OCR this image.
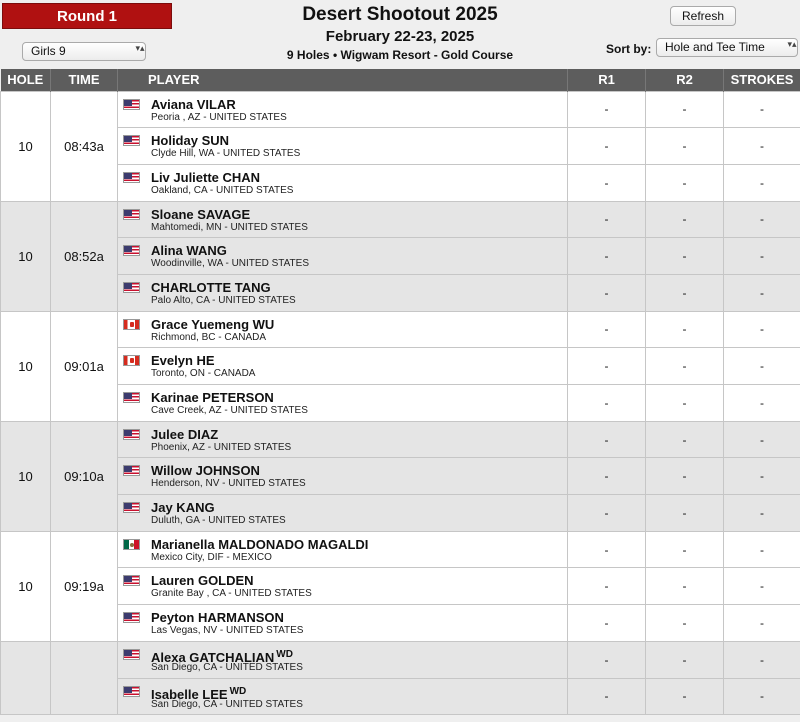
Round 1	Desert Shootout 2025
February 22-23, 2025
9 Holes • Wigwam Resort - Gold Course
Refresh
Girls 9	Sort by:	Hole and Tee Time
HOLE	TIME	PLAYER	R1	R2	STROKES
10	08:43a	Aviana VILAR
Peoria , AZ - UNITED STATES	-	-	-

		Holiday SUN
Clyde Hill, WA - UNITED STATES	-	-	-

		Liv Juliette CHAN
Oakland, CA - UNITED STATES	-	-	-
10	08:52a	Sloane SAVAGE
Mahtomedi, MN - UNITED STATES	-	-	-

		Alina WANG
Woodinville, WA - UNITED STATES	-	-	-

		CHARLOTTE TANG
Palo Alto, CA - UNITED STATES	-	-	-
10	09:01a	Grace Yuemeng WU
Richmond, BC - CANADA	-	-	-

		Evelyn HE
Toronto, ON - CANADA	-	-	-

		Karinae PETERSON
Cave Creek, AZ - UNITED STATES	-	-	-
10	09:10a	Julee DIAZ
Phoenix, AZ - UNITED STATES	-	-	-

		Willow JOHNSON
Henderson, NV - UNITED STATES	-	-	-

		Jay KANG
Duluth, GA - UNITED STATES	-	-	-
10	09:19a	Marianella MALDONADO MAGALDI
Mexico City, DIF - MEXICO	-	-	-

		Lauren GOLDEN
Granite Bay , CA - UNITED STATES	-	-	-

		Peyton HARMANSON
Las Vegas, NV - UNITED STATES	-	-	-

		Alexa GATCHALIAN $^{WD}$
San Diego, CA - UNITED STATES	-	-	-

		Isabelle LEE $^{WD}$
San Diego, CA - UNITED STATES	-	-	-
